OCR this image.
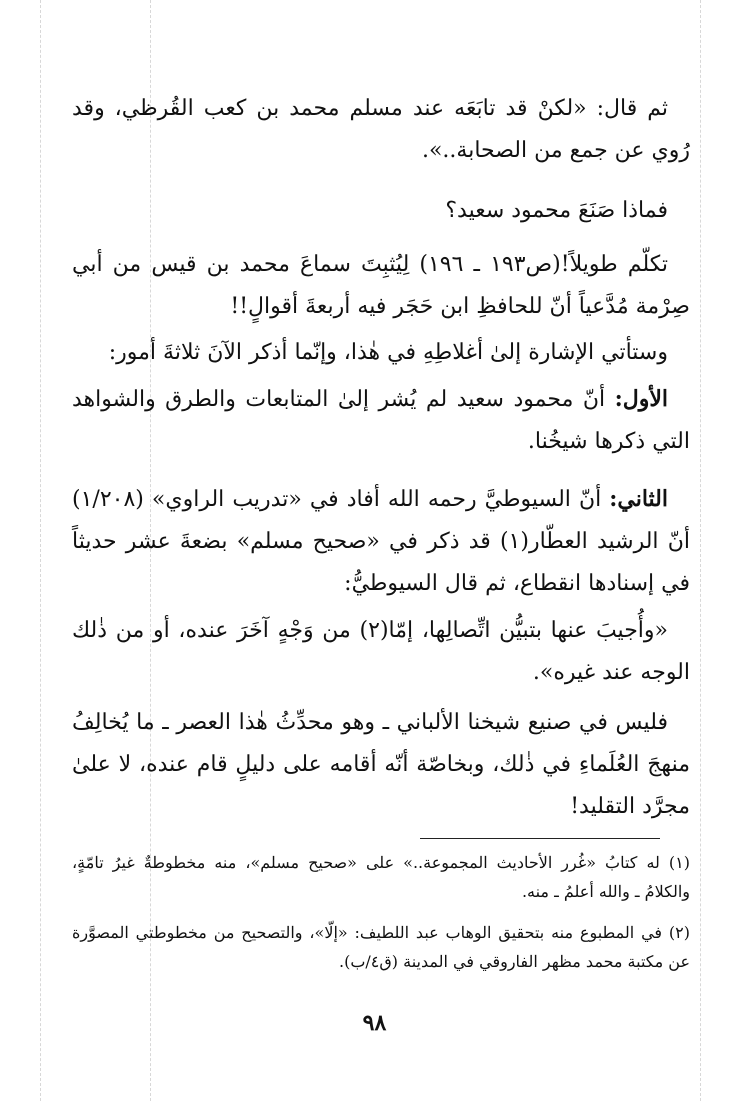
ثم قال: «لكنْ قد تابَعَه عند مسلم محمد بن كعب القُرظي، وقد رُوي عن جمع من الصحابة..».

فماذا صَنَعَ محمود سعيد؟

تكلّم طويلاً!(ص١٩٣ ـ ١٩٦) لِيُثبِتَ سماعَ محمد بن قيس من أبي صِرْمة مُدَّعياً أنّ للحافظِ ابن حَجَر فيه أربعةَ أقوالٍ!!

وستأتي الإشارة إلىٰ أغلاطِهِ في هٰذا، وإنّما أذكر الآنَ ثلاثةَ أمور:

الأول: أنّ محمود سعيد لم يُشر إلىٰ المتابعات والطرق والشواهد التي ذكرها شيخُنا.

الثاني: أنّ السيوطيَّ رحمه الله أفاد في «تدريب الراوي» (١/٢٠٨) أنّ الرشيد العطّار(١) قد ذكر في «صحيح مسلم» بضعةَ عشر حديثاً في إسنادها انقطاع، ثم قال السيوطيُّ:

«وأُجيبَ عنها بتبيُّن اتِّصالِها، إمّا(٢) من وَجْهٍ آخَرَ عنده، أو من ذٰلك الوجه عند غيره».

فليس في صنيع شيخنا الألباني ـ وهو محدِّثُ هٰذا العصر ـ ما يُخالِفُ منهجَ العُلَماءِ في ذٰلك، وبخاصّة أنّه أقامه على دليلٍ قام عنده، لا علىٰ مجرَّد التقليد!

(١) له كتابُ «غُرر الأحاديث المجموعة..» على «صحيح مسلم»، منه مخطوطةٌ غيرُ تامّةٍ، والكلامُ ـ والله أعلمُ ـ منه.

(٢) في المطبوع منه بتحقيق الوهاب عبد اللطيف: «إلّا»، والتصحيح من مخطوطتي المصوَّرة عن مكتبة محمد مظهر الفاروقي في المدينة (ق٤/ب).

٩٨
